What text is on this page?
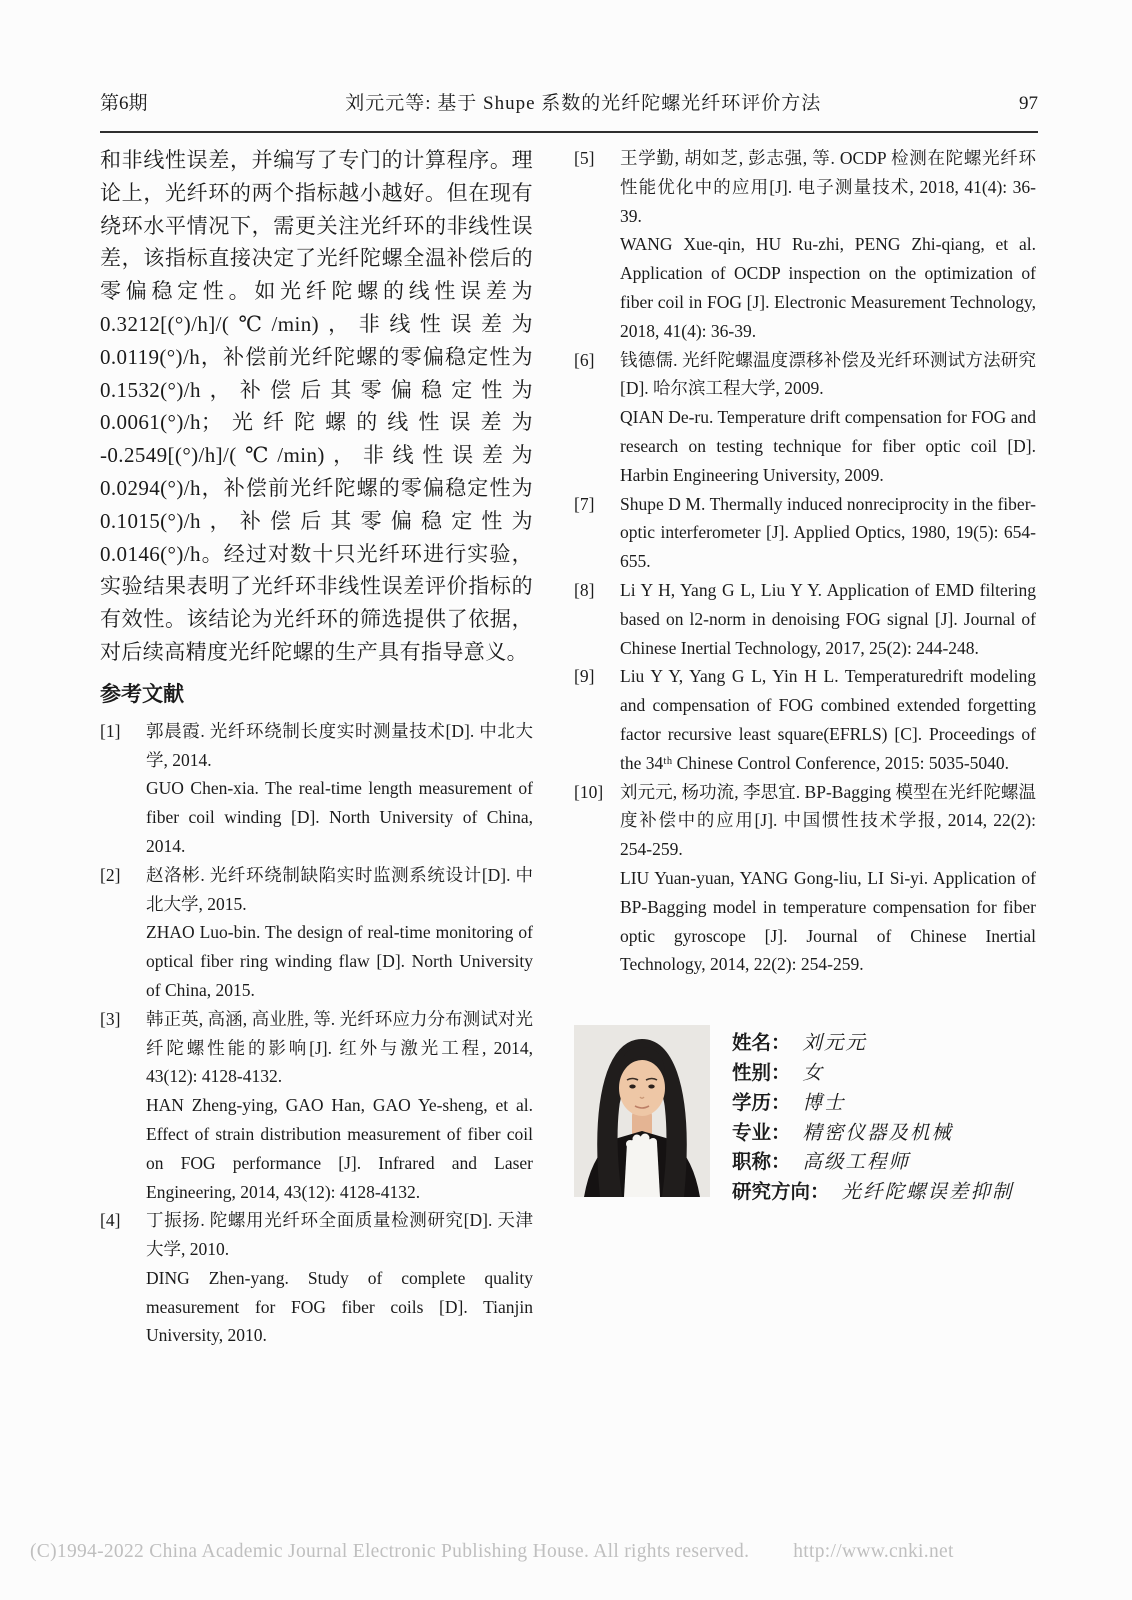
第6期	刘元元等: 基于 Shupe 系数的光纤陀螺光纤环评价方法	97

和非线性误差，并编写了专门的计算程序。理论上，光纤环的两个指标越小越好。但在现有绕环水平情况下，需更关注光纤环的非线性误差，该指标直接决定了光纤陀螺全温补偿后的零偏稳定性。如光纤陀螺的线性误差为0.3212[(°)/h]/(℃/min)，非线性误差为 0.0119(°)/h，补偿前光纤陀螺的零偏稳定性为 0.1532(°)/h，补偿后其零偏稳定性为 0.0061(°)/h；光纤陀螺的线性误差为 -0.2549[(°)/h]/(℃/min)，非线性误差为 0.0294(°)/h，补偿前光纤陀螺的零偏稳定性为 0.1015(°)/h，补偿后其零偏稳定性为 0.0146(°)/h。经过对数十只光纤环进行实验，实验结果表明了光纤环非线性误差评价指标的有效性。该结论为光纤环的筛选提供了依据，对后续高精度光纤陀螺的生产具有指导意义。

参考文献
[1]	郭晨霞. 光纤环绕制长度实时测量技术[D]. 中北大学, 2014.
GUO Chen-xia. The real-time length measurement of fiber coil winding [D]. North University of China, 2014.
[2]	赵洛彬. 光纤环绕制缺陷实时监测系统设计[D]. 中北大学, 2015.
ZHAO Luo-bin. The design of real-time monitoring of optical fiber ring winding flaw [D]. North University of China, 2015.
[3]	韩正英, 高涵, 高业胜, 等. 光纤环应力分布测试对光纤陀螺性能的影响[J]. 红外与激光工程, 2014, 43(12): 4128-4132.
HAN Zheng-ying, GAO Han, GAO Ye-sheng, et al. Effect of strain distribution measurement of fiber coil on FOG performance [J]. Infrared and Laser Engineering, 2014, 43(12): 4128-4132.
[4]	丁振扬. 陀螺用光纤环全面质量检测研究[D]. 天津大学, 2010.
DING Zhen-yang. Study of complete quality measurement for FOG fiber coils [D]. Tianjin University, 2010.
[5]	王学勤, 胡如芝, 彭志强, 等. OCDP 检测在陀螺光纤环性能优化中的应用[J]. 电子测量技术, 2018, 41(4): 36-39.
WANG Xue-qin, HU Ru-zhi, PENG Zhi-qiang, et al. Application of OCDP inspection on the optimization of fiber coil in FOG [J]. Electronic Measurement Technology, 2018, 41(4): 36-39.
[6]	钱德儒. 光纤陀螺温度漂移补偿及光纤环测试方法研究[D]. 哈尔滨工程大学, 2009.
QIAN De-ru. Temperature drift compensation for FOG and research on testing technique for fiber optic coil [D]. Harbin Engineering University, 2009.
[7]	Shupe D M. Thermally induced nonreciprocity in the fiber-optic interferometer [J]. Applied Optics, 1980, 19(5): 654-655.
[8]	Li Y H, Yang G L, Liu Y Y. Application of EMD filtering based on l2-norm in denoising FOG signal [J]. Journal of Chinese Inertial Technology, 2017, 25(2): 244-248.
[9]	Liu Y Y, Yang G L, Yin H L. Temperaturedrift modeling and compensation of FOG combined extended forgetting factor recursive least square(EFRLS) [C]. Proceedings of the 34ᵗʰ Chinese Control Conference, 2015: 5035-5040.
[10] 刘元元, 杨功流, 李思宜. BP-Bagging 模型在光纤陀螺温度补偿中的应用[J]. 中国惯性技术学报, 2014, 22(2): 254-259.
LIU Yuan-yuan, YANG Gong-liu, LI Si-yi. Application of BP-Bagging model in temperature compensation for fiber optic gyroscope [J]. Journal of Chinese Inertial Technology, 2014, 22(2): 254-259.
姓名： 刘元元
性别： 女
学历： 博士
专业： 精密仪器及机械
职称： 高级工程师
研究方向： 光纤陀螺误差抑制
(C)1994-2022 China Academic Journal Electronic Publishing House. All rights reserved. http://www.cnki.net
